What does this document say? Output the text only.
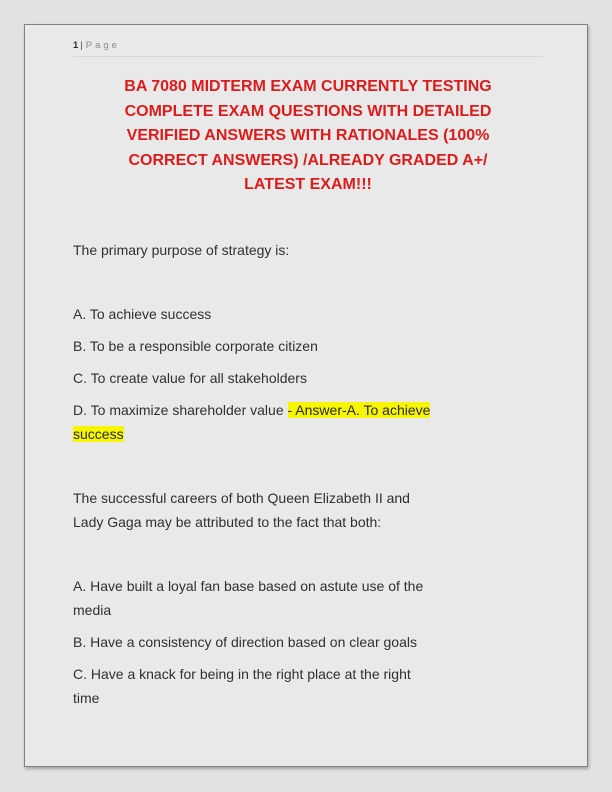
1| Page
BA 7080 MIDTERM EXAM CURRENTLY TESTING
COMPLETE EXAM QUESTIONS WITH DETAILED
VERIFIED ANSWERS WITH RATIONALES (100%
CORRECT ANSWERS) /ALREADY GRADED A+/
LATEST EXAM!!!

The primary purpose of strategy is:

A. To achieve success

B. To be a responsible corporate citizen

C. To create value for all stakeholders

D. To maximize shareholder value - Answer-A. To achieve
success

The successful careers of both Queen Elizabeth II and
Lady Gaga may be attributed to the fact that both:

A. Have built a loyal fan base based on astute use of the
media

B. Have a consistency of direction based on clear goals

C. Have a knack for being in the right place at the right
time
